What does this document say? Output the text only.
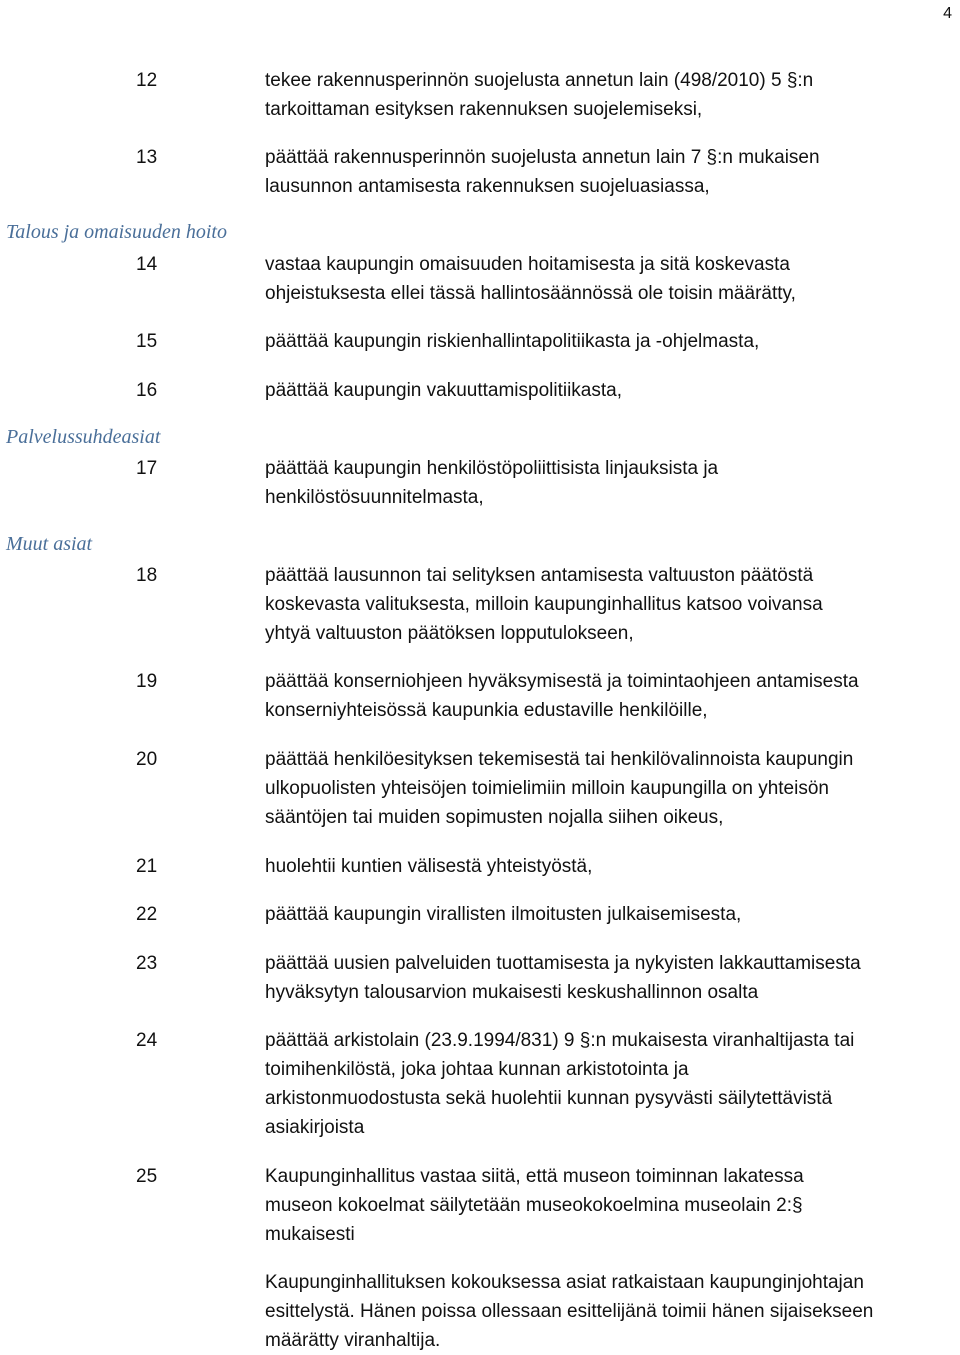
4
12	tekee rakennusperinnön suojelusta annetun lain (498/2010) 5 §:n
tarkoittaman esityksen rakennuksen suojelemiseksi,
13	päättää rakennusperinnön suojelusta annetun lain 7 §:n mukaisen
lausunnon antamisesta rakennuksen suojeluasiassa,
Talous ja omaisuuden hoito
14	vastaa kaupungin omaisuuden hoitamisesta ja sitä koskevasta
ohjeistuksesta ellei tässä hallintosäännössä ole toisin määrätty,
15	päättää kaupungin riskienhallintapolitiikasta ja -ohjelmasta,
16	päättää kaupungin vakuuttamispolitiikasta,
Palvelussuhdeasiat
17	päättää kaupungin henkilöstöpoliittisista linjauksista ja
henkilöstösuunnitelmasta,
Muut asiat
18	päättää lausunnon tai selityksen antamisesta valtuuston päätöstä
koskevasta valituksesta, milloin kaupunginhallitus katsoo voivansa
yhtyä valtuuston päätöksen lopputulokseen,
19	päättää konserniohjeen hyväksymisestä ja toimintaohjeen antamisesta
konserniyhteisössä kaupunkia edustaville henkilöille,
20	päättää henkilöesityksen tekemisestä tai henkilövalinnoista kaupungin
ulkopuolisten yhteisöjen toimielimiin milloin kaupungilla on yhteisön
sääntöjen tai muiden sopimusten nojalla siihen oikeus,
21	huolehtii kuntien välisestä yhteistyöstä,
22	päättää kaupungin virallisten ilmoitusten julkaisemisesta,
23	päättää uusien palveluiden tuottamisesta ja nykyisten lakkauttamisesta
hyväksytyn talousarvion mukaisesti keskushallinnon osalta
24	päättää arkistolain (23.9.1994/831) 9 §:n mukaisesta viranhaltijasta tai
toimihenkilöstä, joka johtaa kunnan arkistotointa ja
arkistonmuodostusta sekä huolehtii kunnan pysyvästi säilytettävistä
asiakirjoista
25	Kaupunginhallitus vastaa siitä, että museon toiminnan lakatessa
museon kokoelmat säilytetään museokokoelmina museolain 2:§
mukaisesti
Kaupunginhallituksen kokouksessa asiat ratkaistaan kaupunginjohtajan
esittelystä. Hänen poissa ollessaan esittelijänä toimii hänen sijaisekseen
määrätty viranhaltija.
